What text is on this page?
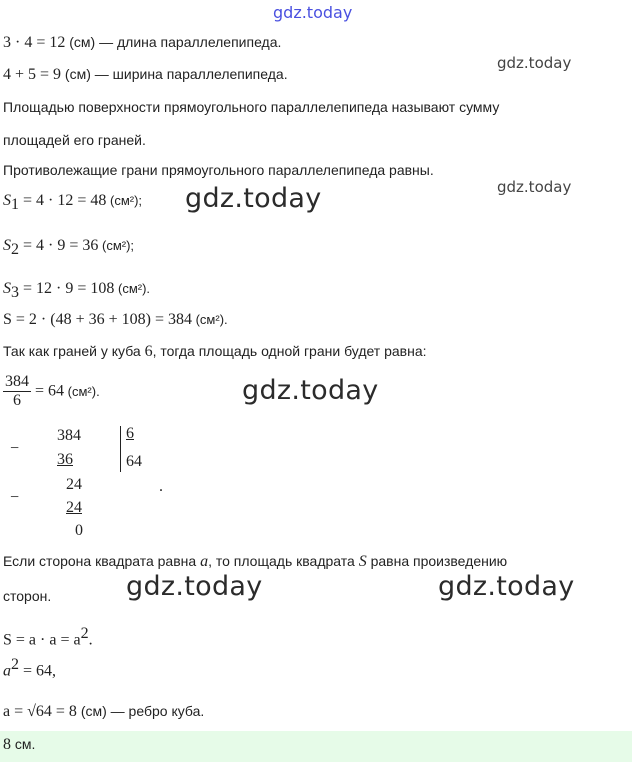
gdz.today
3 · 4 = 12 (см) — длина параллелепипеда.
gdz.today
4 + 5 = 9 (см) — ширина параллелепипеда.
Площадью поверхности прямоугольного параллелепипеда называют сумму
площадей его граней.
Противолежащие грани прямоугольного параллелепипеда равны.
gdz.today
$S_1 = 4 \cdot 12 = 48$ (см²); gdz.today
$S_2 = 4 \cdot 9 = 36$ (см²);
$S_3 = 12 \cdot 9 = 108$ (см²).
S = 2 · (48 + 36 + 108) = 384 (см²).
Так как граней у куба 6, тогда площадь одной грани будет равна:
$\frac{384}{6} = 64$ (см²).	gdz.today
−
384
36
6
64
−
24
24
0
.
Если сторона квадрата равна a, то площадь квадрата S равна произведению
сторон.	gdz.today	gdz.today
$S = a \cdot a = a^2$.
$a^2 = 64$,
a = √64 = 8 (см) — ребро куба.
8 см.
